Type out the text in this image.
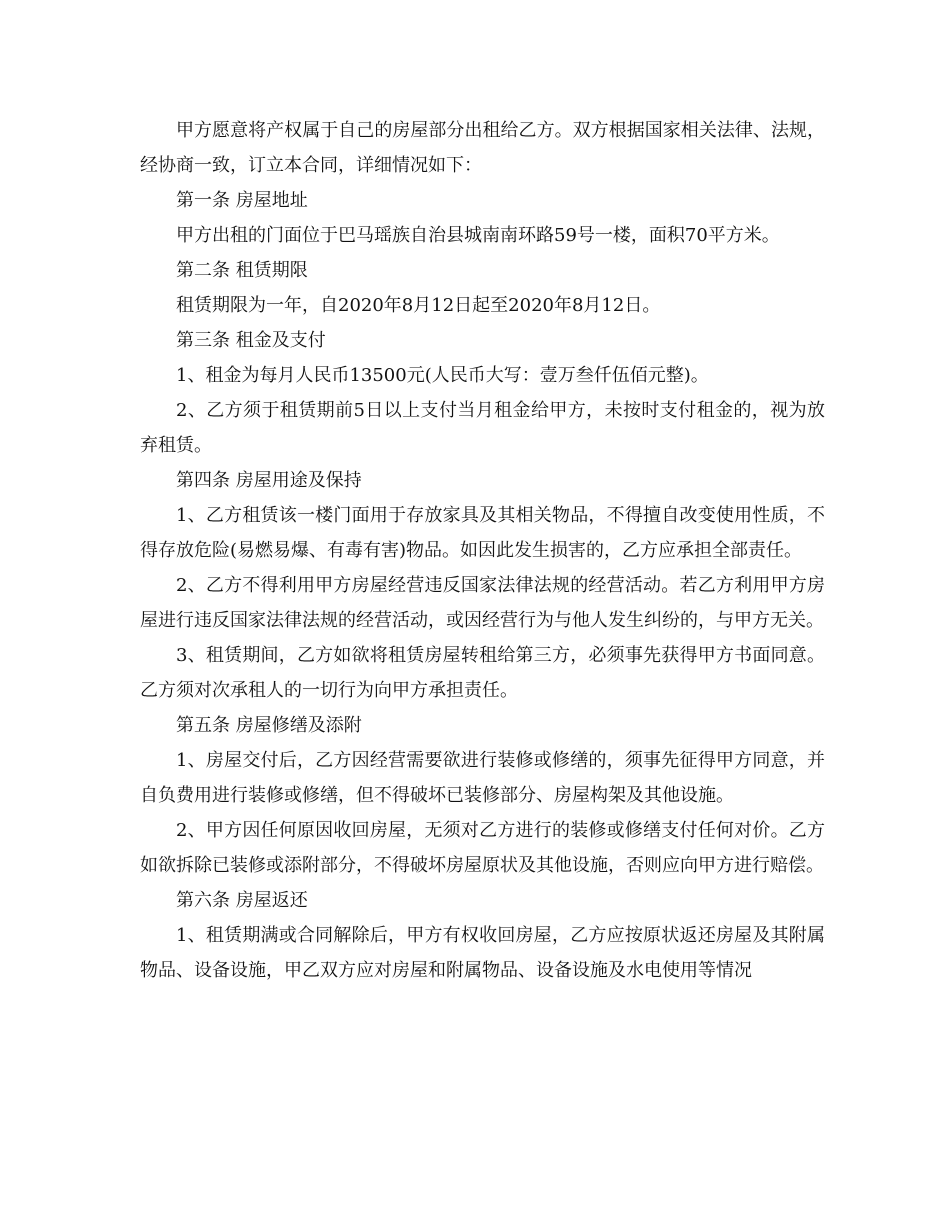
甲方愿意将产权属于自己的房屋部分出租给乙方。双方根据国家相关法律、法规，经协商一致，订立本合同，详细情况如下：

第一条 房屋地址

甲方出租的门面位于巴马瑶族自治县城南南环路59号一楼，面积70平方米。

第二条 租赁期限

租赁期限为一年，自2020年8月12日起至2020年8月12日。

第三条 租金及支付

1、租金为每月人民币13500元(人民币大写：壹万叁仟伍佰元整)。

2、乙方须于租赁期前5日以上支付当月租金给甲方，未按时支付租金的，视为放弃租赁。

第四条 房屋用途及保持

1、乙方租赁该一楼门面用于存放家具及其相关物品，不得擅自改变使用性质，不得存放危险(易燃易爆、有毒有害)物品。如因此发生损害的，乙方应承担全部责任。

2、乙方不得利用甲方房屋经营违反国家法律法规的经营活动。若乙方利用甲方房屋进行违反国家法律法规的经营活动，或因经营行为与他人发生纠纷的，与甲方无关。

3、租赁期间，乙方如欲将租赁房屋转租给第三方，必须事先获得甲方书面同意。乙方须对次承租人的一切行为向甲方承担责任。

第五条 房屋修缮及添附

1、房屋交付后，乙方因经营需要欲进行装修或修缮的，须事先征得甲方同意，并自负费用进行装修或修缮，但不得破坏已装修部分、房屋构架及其他设施。

2、甲方因任何原因收回房屋，无须对乙方进行的装修或修缮支付任何对价。乙方如欲拆除已装修或添附部分，不得破坏房屋原状及其他设施，否则应向甲方进行赔偿。

第六条 房屋返还

1、租赁期满或合同解除后，甲方有权收回房屋，乙方应按原状返还房屋及其附属物品、设备设施，甲乙双方应对房屋和附属物品、设备设施及水电使用等情况
